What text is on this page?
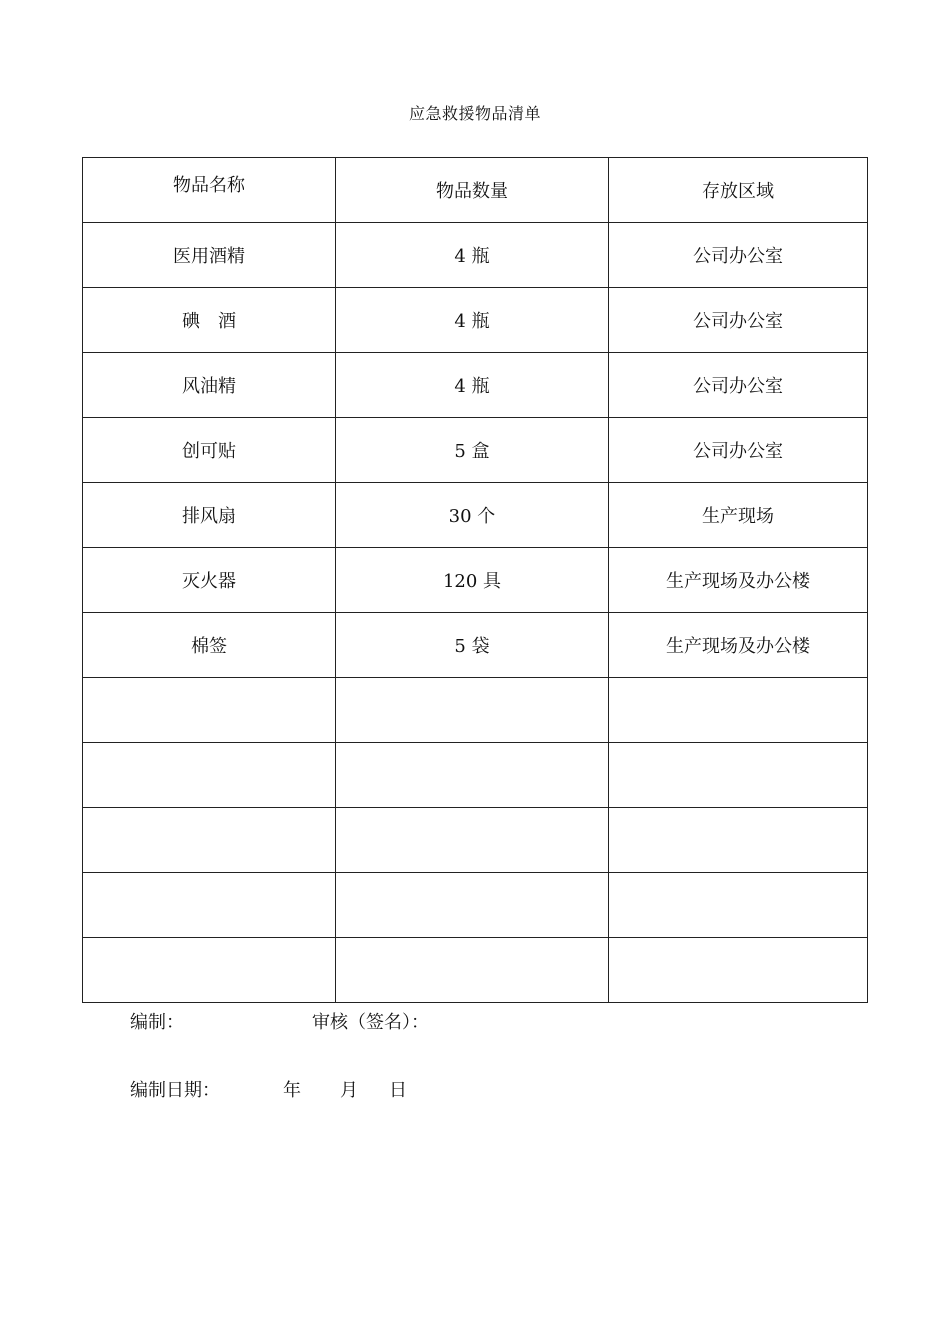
应急救援物品清单
物品名称	物品数量	存放区域
医用酒精	4 瓶	公司办公室
碘　酒	4 瓶	公司办公室
风油精	4 瓶	公司办公室
创可贴	5 盒	公司办公室
排风扇	30 个	生产现场
灭火器	120 具	生产现场及办公楼
棉签	5 袋	生产现场及办公楼

编制：	审核（签名）：
编制日期：	年 月 日
